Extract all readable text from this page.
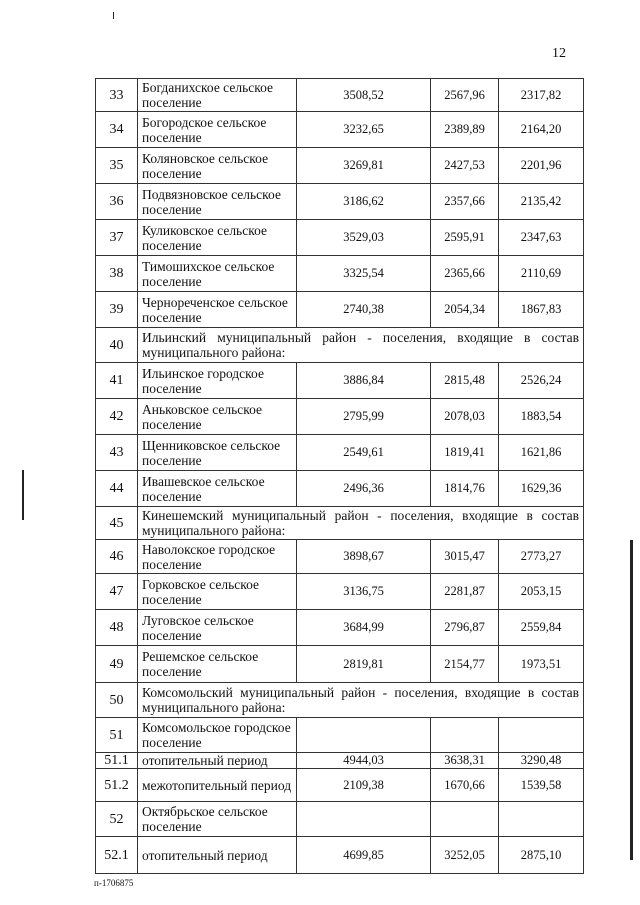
12
33	Богданихское сельское поселение	3508,52	2567,96	2317,82
34	Богородское сельское поселение	3232,65	2389,89	2164,20
35	Коляновское сельское поселение	3269,81	2427,53	2201,96
36	Подвязновское сельское поселение	3186,62	2357,66	2135,42
37	Куликовское сельское поселение	3529,03	2595,91	2347,63
38	Тимошихское сельское поселение	3325,54	2365,66	2110,69
39	Чернореченское сельское поселение	2740,38	2054,34	1867,83
40	Ильинский муниципальный район - поселения, входящие в состав муниципального района:			
41	Ильинское городское поселение	3886,84	2815,48	2526,24
42	Аньковское сельское поселение	2795,99	2078,03	1883,54
43	Щенниковское сельское поселение	2549,61	1819,41	1621,86
44	Ивашевское сельское поселение	2496,36	1814,76	1629,36
45	Кинешемский муниципальный район - поселения, входящие в состав муниципального района:			
46	Наволокское городское поселение	3898,67	3015,47	2773,27
47	Горковское сельское поселение	3136,75	2281,87	2053,15
48	Луговское сельское поселение	3684,99	2796,87	2559,84
49	Решемское сельское поселение	2819,81	2154,77	1973,51
50	Комсомольский муниципальный район - поселения, входящие в состав муниципального района:			
51	Комсомольское городское поселение			
51.1	отопительный период	4944,03	3638,31	3290,48
51.2	межотопительный период	2109,38	1670,66	1539,58
52	Октябрьское сельское поселение			
52.1	отопительный период	4699,85	3252,05	2875,10
п-1706875
